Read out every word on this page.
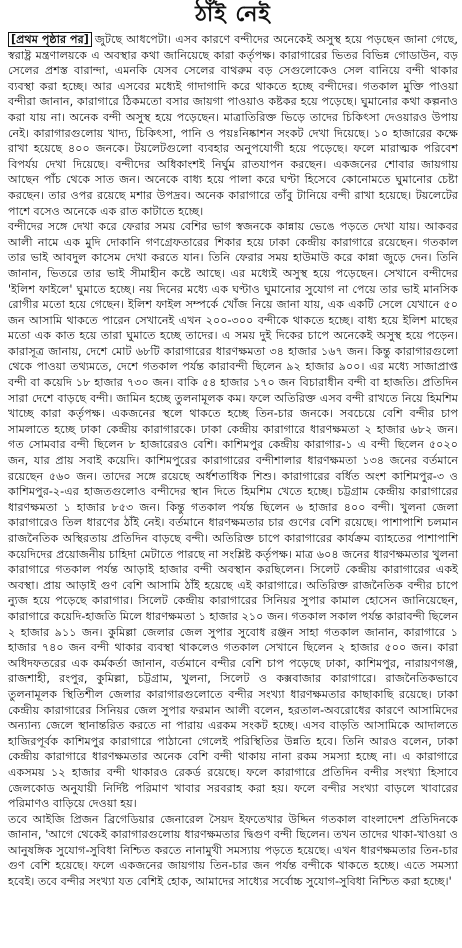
ঠাঁই নেই

[প্রথম পৃষ্ঠার পর] জুটছে আধপেটা। এসব কারণে বন্দীদের অনেকেই অসুস্থ হয়ে পড়ছেন জানা গেছে, স্বরাষ্ট্র মন্ত্রণালয়কে এ অবস্থার কথা জানিয়েছে কারা কর্তৃপক্ষ। কারাগারের ভিতর বিভিন্ন গোডাউন, বড় সেলের প্রশস্ত বারান্দা, এমনকি যেসব সেলের বাথরুম বড় সেগুলোকেও সেল বানিয়ে বন্দী থাকার ব্যবস্থা করা হচ্ছে। আর এসবের মধ্যেই গাদাগাদি করে থাকতে হচ্ছে বন্দীদের। গতকাল মুক্তি পাওয়া বন্দীরা জানান, কারাগারে ঠিকমতো বসার জায়গা পাওয়াও কষ্টকর হয়ে পড়েছে। ঘুমানোর কথা কল্পনাও করা যায় না। অনেক বন্দী অসুস্থ হয়ে পড়েছেন। মাত্রাতিরিক্ত ভিড়ে তাদের চিকিৎসা দেওয়ারও উপায় নেই। কারাগারগুলোয় খাদ্য, চিকিৎসা, পানি ও পয়ঃনিষ্কাশন সংকট দেখা দিয়েছে। ১০ হাজারের কক্ষে রাখা হয়েছে ৪০০ জনকে। টয়লেটগুলো ব্যবহার অনুপযোগী হয়ে পড়েছে। ফলে মারাত্মক পরিবেশ বিপর্যয় দেখা দিয়েছে। বন্দীদের অধিকাংশই নির্ঘুম রাতযাপন করছেন। একজনের শোবার জায়গায় আছেন পাঁচ থেকে সাত জন। অনেকে বাধ্য হয়ে পালা করে ঘণ্টা হিসেবে কোনোমতে ঘুমানোর চেষ্টা করছেন। তার ওপর রয়েছে মশার উপদ্রব। অনেক কারাগারে তাঁবু টানিয়ে বন্দী রাখা হয়েছে। টয়লেটের পাশে বসেও অনেকে এক রাত কাটাতে হচ্ছে।

বন্দীদের সঙ্গে দেখা করে ফেরার সময় বেশির ভাগ স্বজনকে কান্নায় ভেঙে পড়তে দেখা যায়। আকবর আলী নামে এক মুদি দোকানি গণগ্রেফতারের শিকার হয়ে ঢাকা কেন্দ্রীয় কারাগারে রয়েছেন। গতকাল তার ভাই আবদুল কাসেম দেখা করতে যান। তিনি ফেরার সময় হাউমাউ করে কান্না জুড়ে দেন। তিনি জানান, ভিতরে তার ভাই সীমাহীন কষ্টে আছে। এর মধ্যেই অসুস্থ হয়ে পড়েছেন। সেখানে বন্দীদের 'ইলিশ ফাইলে' ঘুমাতে হচ্ছে। নয় দিনের মধ্যে এক ঘণ্টাও ঘুমানোর সুযোগ না পেয়ে তার ভাই মানসিক রোগীর মতো হয়ে গেছেন। ইলিশ ফাইল সম্পর্কে খোঁজ নিয়ে জানা যায়, এক একটি সেলে যেখানে ৫০ জন আসামি থাকতে পারেন সেখানেই এখন ২০০-৩০০ বন্দীকে থাকতে হচ্ছে। বাধ্য হয়ে ইলিশ মাছের মতো এক কাত হয়ে তারা ঘুমাতে হচ্ছে তাদের। এ সময় দুই দিকের চাপে অনেকেই অসুস্থ হয়ে পড়েন। কারাসূত্র জানায়, দেশে মোট ৬৮টি কারাগারের ধারণক্ষমতা ৩৪ হাজার ১৬৭ জন। কিন্তু কারাগারগুলো থেকে পাওয়া তথ্যমতে, দেশে গতকাল পর্যন্ত কারাবন্দী ছিলেন ৯২ হাজার ৯০০। এর মধ্যে সাজাপ্রাপ্ত বন্দী বা কয়েদি ১৮ হাজার ৭৩০ জন। বাকি ৫৪ হাজার ১৭০ জন বিচারাধীন বন্দী বা হাজতি। প্রতিদিন সারা দেশে বাড়ছে বন্দী। জামিন হচ্ছে তুলনামূলক কম। ফলে অতিরিক্ত এসব বন্দী রাখতে নিয়ে হিমশিম খাচ্ছে কারা কর্তৃপক্ষ। একজনের স্থলে থাকতে হচ্ছে তিন-চার জনকে। সবচেয়ে বেশি বন্দীর চাপ সামলাতে হচ্ছে ঢাকা কেন্দ্রীয় কারাগারকে। ঢাকা কেন্দ্রীয় কারাগারে ধারণক্ষমতা ২ হাজার ৬৮২ জন। গত সোমবার বন্দী ছিলেন ৮ হাজারেরও বেশি। কাশিমপুর কেন্দ্রীয় কারাগার-১ এ বন্দী ছিলেন ৫০২০ জন, যার প্রায় সবাই কয়েদি। কাশিমপুরের কারাগারের বন্দীশালার ধারণক্ষমতা ১৩৪ জনের বর্তমানে রয়েছেন ৫৬০ জন। তাদের সঙ্গে রয়েছে অর্ধশতাধিক শিশু। কারাগারের বর্ধিত অংশ কাশিমপুর-৩ ও কাশিমপুর-২-এর হাজতগুলোও বন্দীদের স্থান দিতে হিমশিম খেতে হচ্ছে। চট্টগ্রাম কেন্দ্রীয় কারাগারের ধারণক্ষমতা ১ হাজার ৮৫৩ জন। কিন্তু গতকাল পর্যন্ত ছিলেন ৬ হাজার ৪০০ বন্দী। খুলনা জেলা কারাগারেও তিল ধারণের ঠাঁই নেই। বর্তমানে ধারণক্ষমতার চার গুণের বেশি রয়েছে। পাশাপাশি চলমান রাজনৈতিক অস্থিরতায় প্রতিদিন বাড়ছে বন্দী। অতিরিক্ত চাপে কারাগারের কার্যক্রম ব্যাহতের পাশাপাশি কয়েদিদের প্রয়োজনীয় চাহিদা মেটাতে পারছে না সংশ্লিষ্ট কর্তৃপক্ষ। মাত্র ৬০৪ জনের ধারণক্ষমতার খুলনা কারাগারে গতকাল পর্যন্ত আড়াই হাজার বন্দী অবস্থান করছিলেন। সিলেট কেন্দ্রীয় কারাগারের একই অবস্থা। প্রায় আড়াই গুণ বেশি আসামি ঠাঁই হয়েছে এই কারাগারে। অতিরিক্ত রাজনৈতিক বন্দীর চাপে ন্যুজ হয়ে পড়েছে কারাগার। সিলেট কেন্দ্রীয় কারাগারের সিনিয়র সুপার কামাল হোসেন জানিয়েছেন, কারাগারে কয়েদি-হাজতি মিলে ধারণক্ষমতা ১ হাজার ২১০ জন। গতকাল সকাল পর্যন্ত কারাবন্দী ছিলেন ২ হাজার ৯১১ জন। কুমিল্লা জেলার জেল সুপার সুবোধ রঞ্জন সাহা গতকাল জানান, কারাগারে ১ হাজার ৭৪০ জন বন্দী থাকার ব্যবস্থা থাকলেও গতকাল সেখানে ছিলেন ২ হাজার ৫০০ জন। কারা অধিদফতরের এক কর্মকর্তা জানান, বর্তমানে বন্দীর বেশি চাপ পড়েছে ঢাকা, কাশিমপুর, নারায়ণগঞ্জ, রাজশাহী, রংপুর, কুমিল্লা, চট্টগ্রাম, খুলনা, সিলেট ও কক্সবাজার কারাগারে। রাজনৈতিকভাবে তুলনামূলক স্থিতিশীল জেলার কারাগারগুলোতে বন্দীর সংখ্যা ধারণক্ষমতার কাছাকাছি রয়েছে। ঢাকা কেন্দ্রীয় কারাগারের সিনিয়র জেল সুপার ফরমান আলী বলেন, হরতাল-অবরোধের কারণে আসামিদের অন্যান্য জেলে স্থানান্তরিত করতে না পারায় এরকম সংকট হচ্ছে। এসব বাড়তি আসামিকে আদালতে হাজিরপূর্বক কাশিমপুর কারাগারে পাঠানো গেলেই পরিস্থিতির উন্নতি হবে। তিনি আরও বলেন, ঢাকা কেন্দ্রীয় কারাগারে ধারণক্ষমতার অনেক বেশি বন্দী থাকায় নানা রকম সমস্যা হচ্ছে না। এ কারাগারে একসময় ১২ হাজার বন্দী থাকারও রেকর্ড রয়েছে। ফলে কারাগারে প্রতিদিন বন্দীর সংখ্যা হিসাবে জেলকোড অনুযায়ী নির্দিষ্ট পরিমাণ খাবার সরবরাহ করা হয়। ফলে বন্দীর সংখ্যা বাড়লে খাবারের পরিমাণও বাড়িয়ে দেওয়া হয়।

তবে আইজি প্রিজন ব্রিগেডিয়ার জেনারেল সৈয়দ ইফতেখার উদ্দিন গতকাল বাংলাদেশ প্রতিদিনকে জানান, 'আগে থেকেই কারাগারগুলোয় ধারণক্ষমতার দ্বিগুণ বন্দী ছিলেন। তখন তাদের থাকা-খাওয়া ও আনুষঙ্গিক সুযোগ-সুবিধা নিশ্চিত করতে নানামুখী সমস্যায় পড়তে হয়েছে। এখন ধারণক্ষমতার তিন-চার গুণ বেশি হয়েছে। ফলে একজনের জায়গায় তিন-চার জন পর্যন্ত বন্দীকে থাকতে হচ্ছে। এতে সমস্যা হবেই। তবে বন্দীর সংখ্যা যত বেশিই হোক, আমাদের সাধ্যের সর্বোচ্চ সুযোগ-সুবিধা নিশ্চিত করা হচ্ছে।'
